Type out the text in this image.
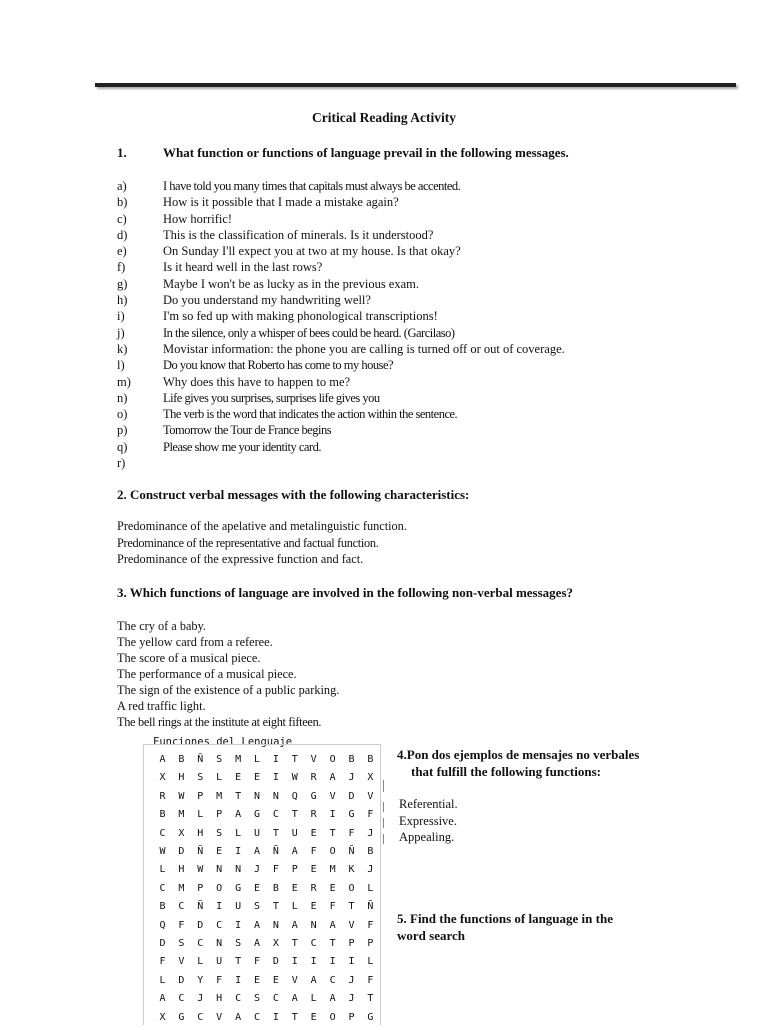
Critical Reading Activity
1.	What function or functions of language prevail in the following messages.
a)	I have told you many times that capitals must always be accented.
b)	How is it possible that I made a mistake again?
c)	How horrific!
d)	This is the classification of minerals. Is it understood?
e)	On Sunday I'll expect you at two at my house. Is that okay?
f)	Is it heard well in the last rows?
g)	Maybe I won't be as lucky as in the previous exam.
h)	Do you understand my handwriting well?
i)	I'm so fed up with making phonological transcriptions!
j)	In the silence, only a whisper of bees could be heard. (Garcilaso)
k)	Movistar information: the phone you are calling is turned off or out of coverage.
l)	Do you know that Roberto has come to my house?
m)	Why does this have to happen to me?
n)	Life gives you surprises, surprises life gives you
o)	The verb is the word that indicates the action within the sentence.
p)	Tomorrow the Tour de France begins
q)	Please show me your identity card.
r)
2. Construct verbal messages with the following characteristics:
Predominance of the apelative and metalinguistic function.
Predominance of the representative and factual function.
Predominance of the expressive function and fact.
3. Which functions of language are involved in the following non-verbal messages?
The cry of a baby.
The yellow card from a referee.
The score of a musical piece.
The performance of a musical piece.
The sign of the existence of a public parking.
A red traffic light.
The bell rings at the institute at eight fifteen.
Funciones del Lenguaje
A	B	Ñ	S	M	L	I	T	V	O	B	B
X	H	S	L	E	E	I	W	R	A	J	X
R	W	P	M	T	N	N	Q	G	V	D	V
B	M	L	P	A	G	C	T	R	I	G	F
C	X	H	S	L	U	T	U	E	T	F	J
W	D	Ñ	E	I	A	Ñ	A	F	O	Ñ	B
L	H	W	N	N	J	F	P	E	M	K	J
C	M	P	O	G	E	B	E	R	E	O	L
B	C	Ñ	I	U	S	T	L	E	F	T	Ñ
Q	F	D	C	I	A	N	A	N	A	V	F
D	S	C	N	S	A	X	T	C	T	P	P
F	V	L	U	T	F	D	I	I	I	I	L
L	D	Y	F	I	E	E	V	A	C	J	F
A	C	J	H	C	S	C	A	L	A	J	T
X	G	C	V	A	C	I	T	E	O	P	G
4.Pon dos ejemplos de mensajes no verbales
that fulfill the following functions:
Referential.
Expressive.
Appealing.
5. Find the functions of language in the
word search
